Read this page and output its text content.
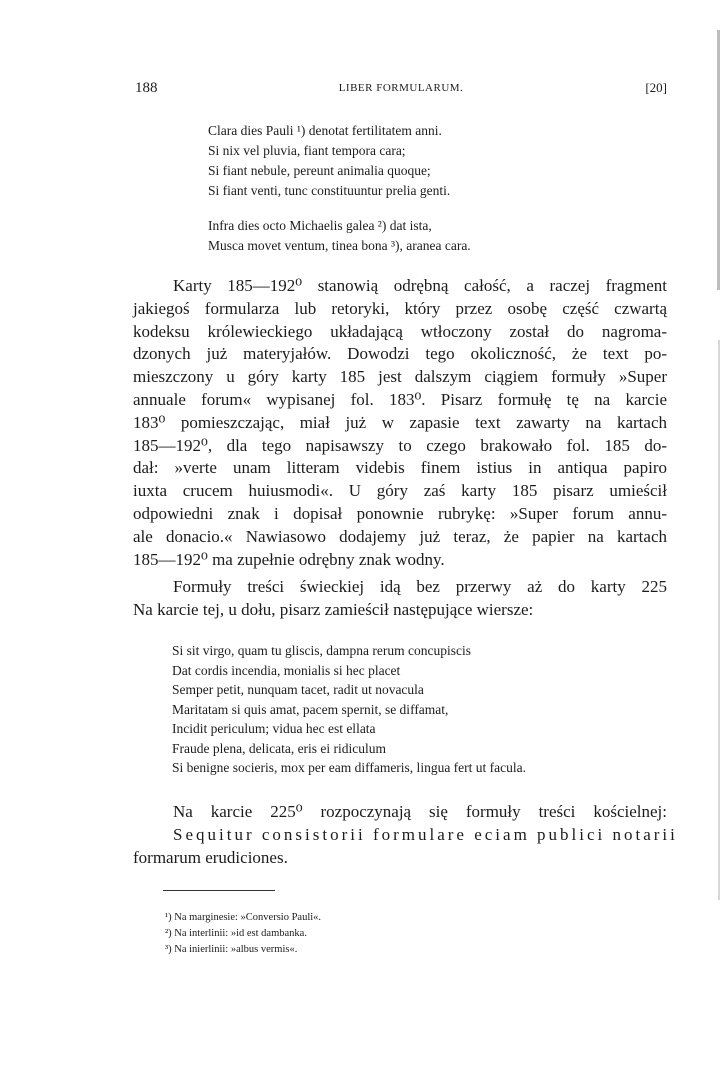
188	LIBER FORMULARUM.	[20]
Clara dies Pauli ¹) denotat fertilitatem anni.
Si nix vel pluvia, fiant tempora cara;
Si fiant nebule, pereunt animalia quoque;
Si fiant venti, tunc constituuntur prelia genti.
Infra dies octo Michaelis galea ²) dat ista,
Musca movet ventum, tinea bona ³), aranea cara.
Karty 185—192⁰ stanowią odrębną całość, a raczej fragment
jakiegoś formularza lub retoryki, który przez osobę część czwartą
kodeksu królewieckiego układającą wtłoczony został do nagroma-
dzonych już materyjałów. Dowodzi tego okoliczność, że text po-
mieszczony u góry karty 185 jest dalszym ciągiem formuły »Super
annuale forum« wypisanej fol. 183⁰. Pisarz formułę tę na karcie
183⁰ pomieszczając, miał już w zapasie text zawarty na kartach
185—192⁰, dla tego napisawszy to czego brakowało fol. 185 do-
dał: »verte unam litteram videbis finem istius in antiqua papiro
iuxta crucem huiusmodi«. U góry zaś karty 185 pisarz umieścił
odpowiedni znak i dopisał ponownie rubrykę: »Super forum annu-
ale donacio.« Nawiasowo dodajemy już teraz, że papier na kartach
185—192⁰ ma zupełnie odrębny znak wodny.
Formuły treści świeckiej idą bez przerwy aż do karty 225
Na karcie tej, u dołu, pisarz zamieścił następujące wiersze:
Si sit virgo, quam tu gliscis, dampna rerum concupiscis
Dat cordis incendia, monialis si hec placet
Semper petit, nunquam tacet, radit ut novacula
Maritatam si quis amat, pacem spernit, se diffamat,
Incidit periculum; vidua hec est ellata
Fraude plena, delicata, eris ei ridiculum
Si benigne socieris, mox per eam diffameris, lingua fert ut facula.
Na karcie 225⁰ rozpoczynają się formuły treści kościelnej:
Sequitur consistorii formulare eciam publici notarii
formarum erudiciones.
¹) Na marginesie: »Conversio Pauli«.
²) Na interlinii: »id est dambanka.
³) Na inierlinii: »albus vermis«.
